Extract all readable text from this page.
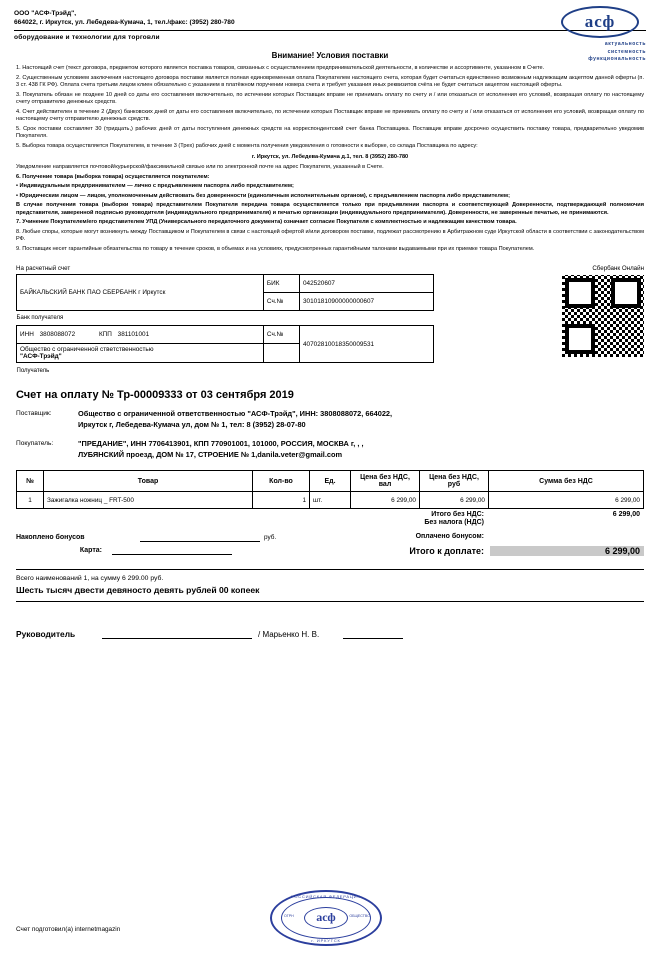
ООО "АСФ-Трэйд",
664022, г. Иркутск, ул. Лебедева-Кумача, 1, тел./факс: (3952) 280-780
оборудование и технологии для торговли
асф
актуальность
системность
функциональность
Внимание! Условия поставки

1. Настоящий счет (текст договора, предметом которого является поставка товаров, связанных с осуществлением предпринимательской деятельности, в количестве и ассортименте, указанном в Счете.

2. Существенным условием заключения настоящего договора поставки является полная единовременная оплата Покупателем настоящего счета, которая будет считаться единственно возможным надлежащим акцептом данной оферты (п. 3 ст. 438 ГК РФ). Оплата счета третьим лицом клиен обязательно с указанием в платёжном поручении номера счета и требует указания иных реквизитов счёта не будет считаться акцептом настоящей оферты.

3. Покупатель обязан не позднее 10 дней со даты его составления включительно, по истечении которых Поставщик вправе не принимать оплату по счету и / или отказаться от исполнения его условий, возвращая оплату по настоящему счету отправителю денежных средств.

4. Счет действителен в течение 2 (Двух) банковских дней от даты его составления включительно, по истечении которых Поставщик вправе не принимать оплату по счету и / или отказаться от исполнения его условий, возвращая оплату по настоящему счету отправителю денежных средств.

5. Срок поставки составляет 30 (тридцать,) рабочих дней от даты поступления денежных средств на корреспондентский счет банка Поставщика. Поставщик вправе досрочно осуществить поставку товара, предварительно уведомив Покупателя.

5. Выборка товара осуществляется Покупателем, в течение 3 (Трех) рабочих дней с момента получения уведомления о готовности к выборке, со склада Поставщика по адресу:

г. Иркутск, ул. Лебедева-Кумача д.1, тел. 8 (3952) 280-780

Уведомление направляется почтовой/курьерской/факсимильной связью или по электронной почте на адрес Покупателя, указанный в Счете.

6. Получение товара (выборка товара) осуществляется покупателем:

• Индивидуальным предпринимателем — лично с предъявлением паспорта либо представителем;

• Юридическим лицом — лицом, уполномоченным действовать без доверенности (единоличным исполнительным органом), с предъявлением паспорта либо представителем;

В случае получения товара (выборки товара) представителем Покупателя передача товара осуществляется только при предъявлении паспорта и соответствующей Доверенности, подтверждающей полномочия представителя, заверенной подписью руководителя (индивидуального предпринимателя) и печатью организации (индивидуального предпринимателя). Доверенности, не заверенные печатью, не принимаются.

7. Учинение Покупателем/его представителем УПД (Универсального передаточного документа) означает согласие Покупателя с комплектностью и надлежащим качеством товара.

8. Любые споры, которые могут возникнуть между Поставщиком и Покупателем в связи с настоящей офертой и/или договором поставки, подлежат рассмотрению в Арбитражном суде Иркутской области в соответствии с законодательством РФ.

9. Поставщик несет гарантийные обязательства по товару в течение сроков, в объемах и на условиях, предусмотренных гарантийными талонами выдаваемыми при их приемке товара Покупателем.

На расчетный счет	Сбербанк Онлайн
БАЙКАЛЬСКИЙ БАНК ПАО СБЕРБАНК г Иркутск	БИК	042520607
	Сч.№	30101810900000000607
Банк получателя		
ИНН 3808088072 КПП 381101001	Сч.№	40702810018350009531

Общество с ограниченной стветственностью
"АСФ-Трэйд"		

Получатель		
Счет на оплату № Тр-00009333 от 03 сентября 2019
Поставщик:	Общество с ограниченной ответственностью "АСФ-Трэйд", ИНН: 3808088072, 664022,
Иркутск г, Лебедева-Кумача ул, дом № 1, тел: 8 (3952) 28-07-80
Покупатель:	"ПРЕДАНИЕ", ИНН 7706413901, КПП 770901001, 101000, РОССИЯ, МОСКВА г, , ,
ЛУБЯНСКИЙ проезд, ДОМ № 17, СТРОЕНИЕ № 1,danila.veter@gmail.com
№	Товар	Кол-во	Ед.	Цена без НДС, вал	Цена без НДС, руб	Сумма без НДС
1	Зажигалка ножниц _ FRT-500	1	шт.	6 299,00	6 299,00	6 299,00
Итого без НДС:	6 299,00
Без налога (НДС)
Накоплено бонусов	руб.
Карта:
Оплачено бонусом:
Итого к доплате:	6 299,00
Всего наименований 1, на сумму 6 299.00 руб.
Шесть тысяч двести девяносто девять рублей 00 копеек
Руководитель	/ Марьенко Н. В.
РОССИЙСКАЯ ФЕДЕРАЦИЯ
асф
ОГРН	ОБЩЕСТВО
г. ИРКУТСК
Счет подготовил(а) internetmagazin
